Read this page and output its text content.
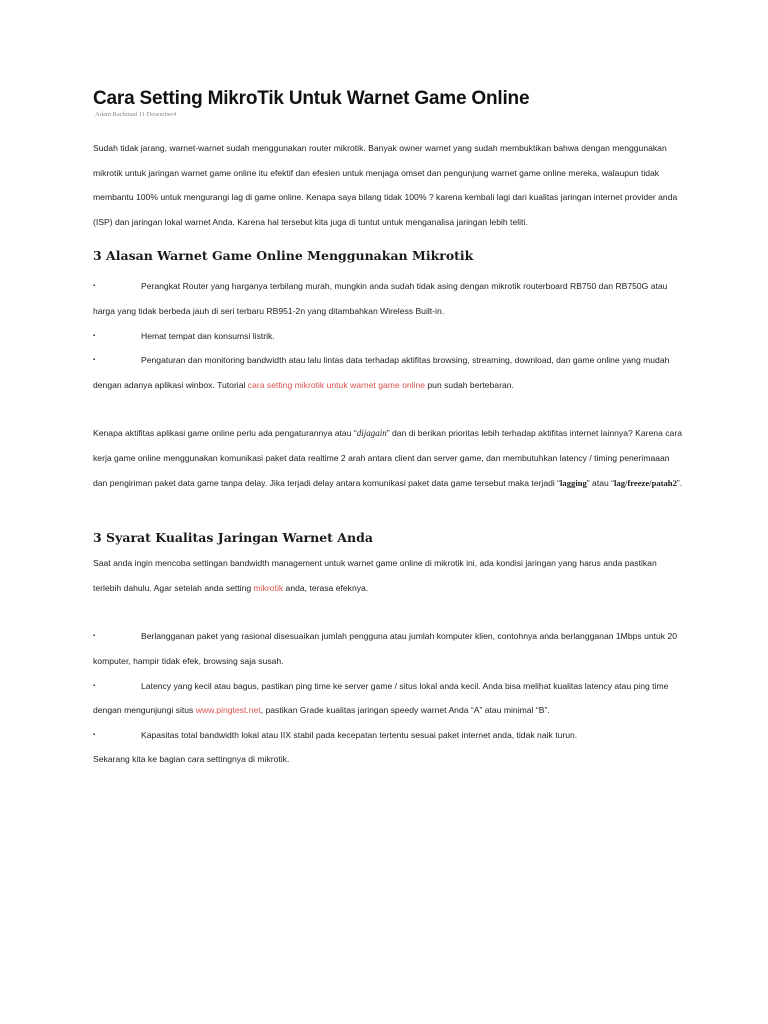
Cara Setting MikroTik Untuk Warnet Game Online
Adam Rachmad 11 Desember4

Sudah tidak jarang, warnet-warnet sudah menggunakan router mikrotik. Banyak owner warnet yang sudah membuktikan bahwa dengan menggunakan mikrotik untuk jaringan warnet game online itu efektif dan efesien untuk menjaga omset dan pengunjung warnet game online mereka, walaupun tidak membantu 100% untuk mengurangi lag di game online. Kenapa saya bilang tidak 100% ? karena kembali lagi dari kualitas jaringan internet provider anda (ISP) dan jaringan lokal warnet Anda. Karena hal tersebut kita juga di tuntut untuk menganalisa jaringan lebih teliti.

3 Alasan Warnet Game Online Menggunakan Mikrotik
▪	Perangkat Router yang harganya terbilang murah, mungkin anda sudah tidak asing dengan mikrotik routerboard RB750 dan RB750G atau harga yang tidak berbeda jauh di seri terbaru RB951-2n yang ditambahkan Wireless Built-in.
▪	Hemat tempat dan konsumsi listrik.
▪	Pengaturan dan monitoring bandwidth atau lalu lintas data terhadap aktifitas browsing, streaming, download, dan game online yang mudah dengan adanya aplikasi winbox. Tutorial cara setting mikrotik untuk warnet game online pun sudah bertebaran.

Kenapa aktifitas aplikasi game online perlu ada pengaturannya atau “dijagain” dan di berikan prioritas lebih terhadap aktifitas internet lainnya? Karena cara kerja game online menggunakan komunikasi paket data realtime 2 arah antara client dan server game, dan membutuhkan latency / timing penerimaaan dan pengiriman paket data game tanpa delay. Jika terjadi delay antara komunikasi paket data game tersebut maka terjadi “lagging” atau “lag/freeze/patah2”.

3 Syarat Kualitas Jaringan Warnet Anda

Saat anda ingin mencoba settingan bandwidth management untuk warnet game online di mikrotik ini, ada kondisi jaringan yang harus anda pastikan terlebih dahulu. Agar setelah anda setting mikrotik anda, terasa efeknya.

▪	Berlangganan paket yang rasional disesuaikan jumlah pengguna atau jumlah komputer klien, contohnya anda berlangganan 1Mbps untuk 20 komputer, hampir tidak efek, browsing saja susah.
▪	Latency yang kecil atau bagus, pastikan ping time ke server game / situs lokal anda kecil. Anda bisa melihat kualitas latency atau ping time dengan mengunjungi situs www.pingtest.net, pastikan Grade kualitas jaringan speedy warnet Anda “A” atau minimal “B”.
▪	Kapasitas total bandwidth lokal atau IIX stabil pada kecepatan tertentu sesuai paket internet anda, tidak naik turun.

Sekarang kita ke bagian cara settingnya di mikrotik.
